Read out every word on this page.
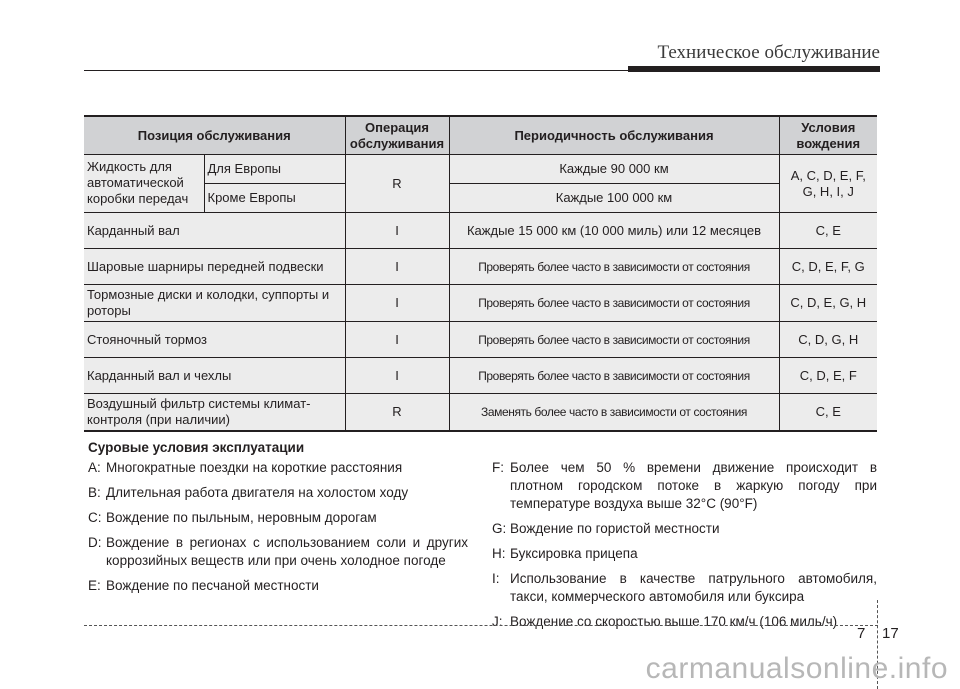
Техническое обслуживание
Позиция обслуживания		Операция обслуживания	Периодичность обслуживания	Условия вождения
Жидкость для автоматической коробки передач	Для Европы	R	Каждые 90 000 км	A, C, D, E, F, G, H, I, J
	Кроме Европы		Каждые 100 000 км	
Карданный вал		I	Каждые 15 000 км (10 000 миль) или 12 месяцев	C, E
Шаровые шарниры передней подвески		I	Проверять более часто в зависимости от состояния	C, D, E, F, G
Тормозные диски и колодки, суппорты и роторы		I	Проверять более часто в зависимости от состояния	C, D, E, G, H
Стояночный тормоз		I	Проверять более часто в зависимости от состояния	C, D, G, H
Карданный вал и чехлы		I	Проверять более часто в зависимости от состояния	C, D, E, F
Воздушный фильтр системы климат-контроля (при наличии)		R	Заменять более часто в зависимости от состояния	C, E
Суровые условия эксплуатации
A: Многократные поездки на короткие расстояния
B: Длительная работа двигателя на холостом ходу
C: Вождение по пыльным, неровным дорогам
D: Вождение в регионах с использованием соли и других коррозийных веществ или при очень холодное погоде
E: Вождение по песчаной местности
F: Более чем 50 % времени движение происходит в плотном городском потоке в жаркую погоду при температуре воздуха выше 32°C (90°F)
G: Вождение по гористой местности
H: Буксировка прицепа
I: Использование в качестве патрульного автомобиля, такси, коммерческого автомобиля или буксира
J: Вождение со скоростью выше 170 км/ч (106 миль/ч)
7 17
carmanualsonline.info
